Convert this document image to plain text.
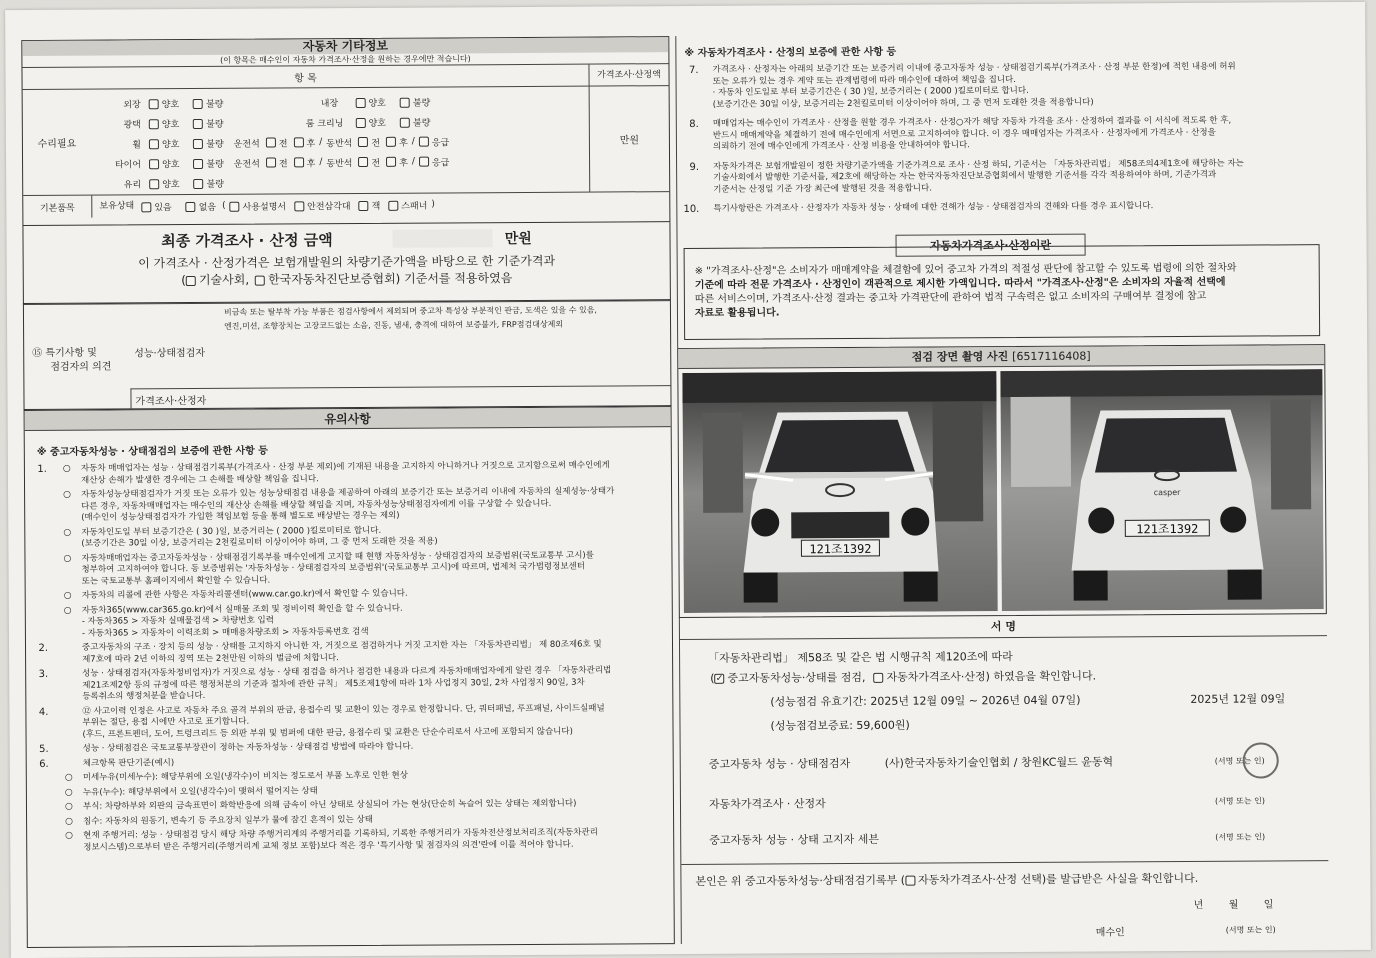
자동차 기타정보
(이 항목은 매수인이 자동차 가격조사·산정을 원하는 경우에만 적습니다)
항 목	가격조사·산정액
수리필요
외장	양호	불량	내장	양호	불량
광택	양호	불량	룸 크리닝	양호	불량
휠	양호	불량 운전석 전 후 / 동반석 전 후 / 응급
타이어	양호	불량 운전석 전 후 / 동반석 전 후 / 응급
유리	양호	불량
만원
기본품목	보유상태	있음	없음 (	사용설명서	안전삼각대	잭	스패너 )
최종 가격조사 · 산정 금액	만원
이 가격조사 · 산정가격은 보험개발원의 차량기준가액을 바탕으로 한 기준가격과
( 기술사회, 한국자동차진단보증협회) 기준서를 적용하였음
비금속 또는 탈부착 가능 부품은 점검사항에서 제외되며 중고차 특성상 부분적인 판금, 도색은 있을 수 있음,
엔진,미션, 조향장치는 고장코드없는 소음, 진동, 냄새, 충격에 대하여 보증불가, FRP점검대상제외
⑮ 특기사항 및
점검자의 의견
성능·상태점검자
가격조사·산정자
유의사항
※ 중고자동차성능 · 상태점검의 보증에 관한 사항 등
1. ○	자동차 매매업자는 성능 · 상태점검기록부(가격조사 · 산정 부분 제외)에 기재된 내용을 고지하지 아니하거나 거짓으로 고지함으로써 매수인에게
재산상 손해가 발생한 경우에는 그 손해를 배상할 책임을 집니다.
○	자동차성능상태점검자가 거짓 또는 오류가 있는 성능상태점검 내용을 제공하여 아래의 보증기간 또는 보증거리 이내에 자동차의 실제성능·상태가
다른 경우, 자동차매매업자는 매수인의 재산상 손해를 배상할 책임을 지며, 자동차성능상태점검자에게 이를 구상할 수 있습니다.
(매수인이 성능상태점검자가 가입한 책임보험 등을 통해 별도로 배상받는 경우는 제외)
○	자동차인도일 부터 보증기간은 ( 30 )일, 보증거리는 ( 2000 )킬로미터로 합니다.
(보증기간은 30일 이상, 보증거리는 2천킬로미터 이상이어야 하며, 그 중 먼저 도래한 것을 적용)
○	자동차매매업자는 중고자동차성능 · 상태점검기록부를 매수인에게 고지할 때 현행 자동차성능 · 상태검검자의 보증범위(국토교통부 고시)를
청부하여 고지하여야 합니다. 동 보증범위는 '자동차성능 · 상태점검자의 보증범위'(국토교통부 고시)에 따르며, 법제처 국가법령정보센터
또는 국토교통부 홈페이지에서 확인할 수 있습니다.
○	자동차의 리콜에 관한 사항은 자동차리콜센터(www.car.go.kr)에서 확인할 수 있습니다.
○	자동차365(www.car365.go.kr)에서 실매물 조회 및 정비이력 확인을 할 수 있습니다.
- 자동차365 > 자동차 실매물검색 > 차량번호 입력
- 자동차365 > 자동차이 이력조회 > 매매용차량조회 > 자동차등록번호 검색
2.	중고자동차의 구조 · 장치 등의 성능 · 상태를 고지하지 아니한 자, 거짓으로 점검하거나 거짓 고지한 자는 「자동차관리법」 제 80조제6호 및
제7호에 따라 2년 이하의 징역 또는 2천만원 이하의 벌금에 처합니다.
3.	성능 · 상태점검자(자동차정비업자)가 거짓으로 성능 · 상태 점검을 하거나 점검한 내용과 다르게 자동차매매업자에게 알린 경우 「자동차관리법
제21조제2항 등의 규정에 따른 행정처분의 기준과 절차에 관한 규칙」 제5조제1항에 따라 1차 사업정지 30일, 2차 사업정지 90일, 3차
등록취소의 행정처분을 받습니다.
4.	⑫ 사고이력 인정은 사고로 자동차 주요 골격 부위의 판금, 용접수리 및 교환이 있는 경우로 한정합니다. 단, 쿼터패널, 루프패널, 사이드실패널
부위는 절단, 용접 시에만 사고로 표기합니다.
(후드, 프론트펜더, 도어, 트렁크리드 등 외판 부위 및 범퍼에 대한 판금, 용접수리 및 교환은 단순수리로서 사고에 포함되지 않습니다)
5.	성능 · 상태점검은 국토교통부장관이 정하는 자동차성능 · 상태점검 방법에 따라야 합니다.
6.	체크항목 판단기준(예시)
○	미세누유(미세누수): 해당부위에 오일(냉각수)이 비치는 정도로서 부품 노후로 인한 현상
○	누유(누수): 해당부위에서 오일(냉각수)이 맺혀서 떨어지는 상태
○	부식: 차량하부와 외판의 금속표면이 화학반응에 의해 금속이 아닌 상태로 상실되어 가는 현상(단순히 녹슬어 있는 상태는 제외합니다)
○	침수: 자동차의 원동기, 변속기 등 주요장치 일부가 물에 잠긴 흔적이 있는 상태
○	현재 주행거리: 성능 · 상태점검 당시 해당 차량 주행거리계의 주행거리를 기록하되, 기록한 주행거리가 자동차전산정보처리조직(자동차관리
정보시스템)으로부터 받은 주행거리(주행거리계 교체 정보 포함)보다 적은 경우 '특기사항 및 점검자의 의견'란에 이를 적어야 합니다.
※ 자동차가격조사 · 산정의 보증에 관한 사항 등
7. 가격조사 · 산정자는 아래의 보증기간 또는 보증거리 이내에 중고자동차 성능 · 상태점검기록부(가격조사 · 산정 부분 한정)에 적힌 내용에 허위
또는 오류가 있는 경우 계약 또는 관계법령에 따라 매수인에 대하여 책임을 집니다.
· 자동차 인도일로 부터 보증기간은 ( 30 )일, 보증거리는 ( 2000 )킬로미터로 합니다.
(보증기간은 30일 이상, 보증거리는 2천킬로미터 이상이어야 하며, 그 중 먼저 도래한 것을 적용합니다)
8. 매매업자는 매수인이 가격조사 · 산정을 원할 경우 가격조사 · 산정○자가 해당 자동차 가격을 조사 · 산정하여 결과를 이 서식에 적도록 한 후,
반드시 매매계약을 체결하기 전에 매수인에게 서면으로 고지하여야 합니다. 이 경우 매매업자는 가격조사 · 산정자에게 가격조사 · 산정을
의뢰하기 전에 매수인에게 가격조사 · 산정 비용을 안내하여야 합니다.
9. 자동차가격은 보험개발원이 정한 차량기준가액을 기준가격으로 조사 · 산정 하되, 기준서는 「자동차관리법」 제58조의4제1호에 해당하는 자는
기술사회에서 발행한 기준서를, 제2호에 해당하는 자는 한국자동차진단보증협회에서 발행한 기준서를 각각 적용하여야 하며, 기준가격과
기준서는 산정일 기준 가장 최근에 발행된 것을 적용합니다.
10. 특기사항란은 가격조사 · 산정자가 자동차 성능 · 상태에 대한 견해가 성능 · 상태점검자의 견해와 다를 경우 표시합니다.
자동차가격조사·산정이란
※ "가격조사·산정"은 소비자가 매매계약을 체결함에 있어 중고차 가격의 적절성 판단에 참고할 수 있도록 법령에 의한 절차와
기준에 따라 전문 가격조사 · 산정인이 객관적으로 제시한 가액입니다. 따라서 "가격조사·산정"은 소비자의 자율적 선택에
따른 서비스이며, 가격조사·산정 결과는 중고차 가격판단에 관하여 법적 구속력은 없고 소비자의 구매여부 결정에 참고
자료로 활용됩니다.
점검 장면 촬영 사진 [6517116408]
121조1392
casper
121조1392
서 명
「자동차관리법」 제58조 및 같은 법 시행규칙 제120조에 따라
(✓ 중고자동차성능·상태를 점검, 자동차가격조사·산정) 하였음을 확인합니다.
(성능점검 유효기간: 2025년 12월 09일 ~ 2026년 04월 07일)	2025년 12월 09일
(성능점검보증료: 59,600원)
중고자동차 성능 · 상태점검자	(사)한국자동차기술인협회 / 창원KC월드 윤동혁	(서명 또는 인)
자동차가격조사 · 산정자	(서명 또는 인)
중고자동차 성능 · 상태 고지자 세븐	(서명 또는 인)
본인은 위 중고자동차성능·상태점검기록부 ( 자동차가격조사·산정 선택)를 발급받은 사실을 확인합니다.
년        월        일
매수인	(서명 또는 인)
